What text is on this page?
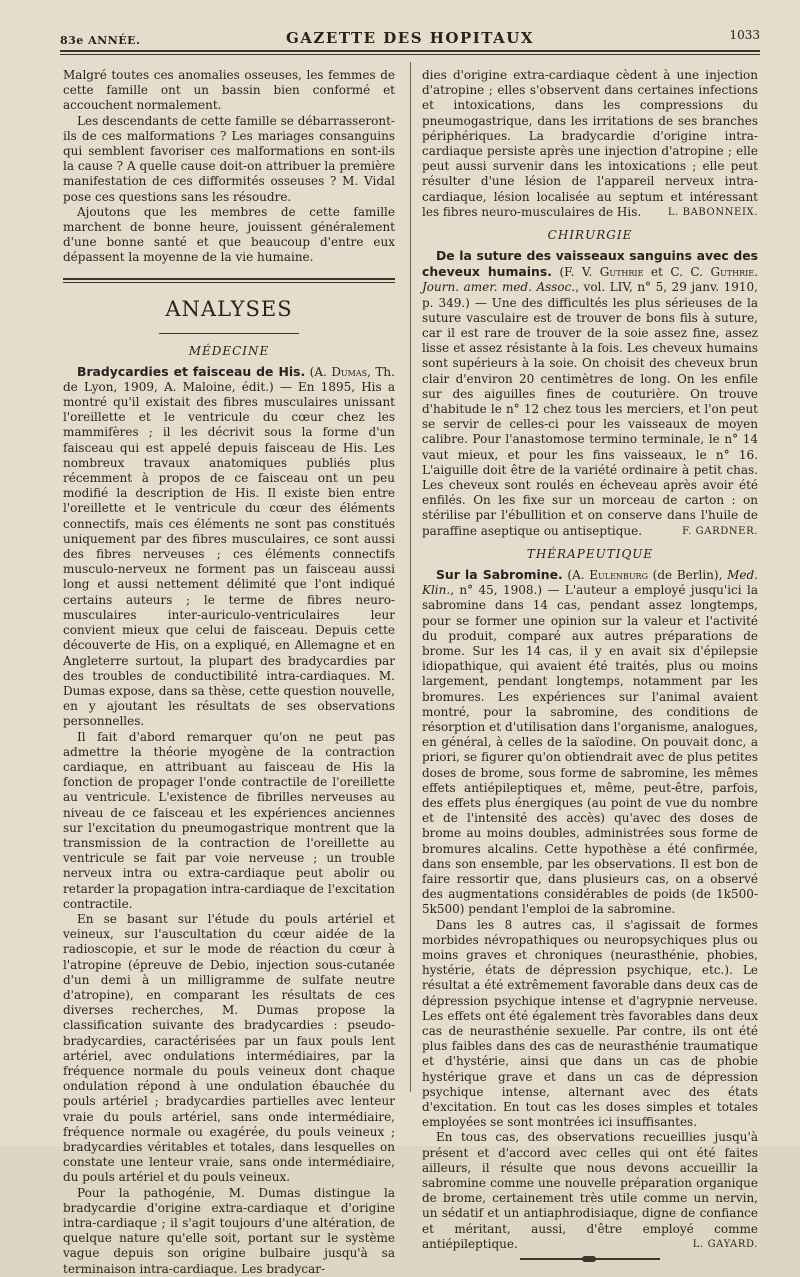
83e ANNÉE.	GAZETTE DES HOPITAUX	1033

Malgré toutes ces anomalies osseuses, les femmes de cette famille ont un bassin bien conformé et accouchent normalement.

Les descendants de cette famille se débarrasseront-ils de ces malformations ? Les mariages consanguins qui semblent favoriser ces malformations en sont-ils la cause ? A quelle cause doit-on attribuer la première manifestation de ces difformités osseuses ? M. Vidal pose ces questions sans les résoudre.

Ajoutons que les membres de cette famille marchent de bonne heure, jouissent généralement d'une bonne santé et que beaucoup d'entre eux dépassent la moyenne de la vie humaine.

ANALYSES
MÉDECINE

Bradycardies et faisceau de His. (A. Dumas, Th. de Lyon, 1909, A. Maloine, édit.) — En 1895, His a montré qu'il existait des fibres musculaires unissant l'oreillette et le ventricule du cœur chez les mammifères ; il les décrivit sous la forme d'un faisceau qui est appelé depuis faisceau de His. Les nombreux travaux anatomiques publiés plus récemment à propos de ce faisceau ont un peu modifié la description de His. Il existe bien entre l'oreillette et le ventricule du cœur des éléments connectifs, mais ces éléments ne sont pas constitués uniquement par des fibres musculaires, ce sont aussi des fibres nerveuses ; ces éléments connectifs musculo-nerveux ne forment pas un faisceau aussi long et aussi nettement délimité que l'ont indiqué certains auteurs ; le terme de fibres neuro-musculaires inter-auriculo-ventriculaires leur convient mieux que celui de faisceau. Depuis cette découverte de His, on a expliqué, en Allemagne et en Angleterre surtout, la plupart des bradycardies par des troubles de conductibilité intra-cardiaques. M. Dumas expose, dans sa thèse, cette question nouvelle, en y ajoutant les résultats de ses observations personnelles.

Il fait d'abord remarquer qu'on ne peut pas admettre la théorie myogène de la contraction cardiaque, en attribuant au faisceau de His la fonction de propager l'onde contractile de l'oreillette au ventricule. L'existence de fibrilles nerveuses au niveau de ce faisceau et les expériences anciennes sur l'excitation du pneumogastrique montrent que la transmission de la contraction de l'oreillette au ventricule se fait par voie nerveuse ; un trouble nerveux intra ou extra-cardiaque peut abolir ou retarder la propagation intra-cardiaque de l'excitation contractile.

En se basant sur l'étude du pouls artériel et veineux, sur l'auscultation du cœur aidée de la radioscopie, et sur le mode de réaction du cœur à l'atropine (épreuve de Debio, injection sous-cutanée d'un demi à un milligramme de sulfate neutre d'atropine), en comparant les résultats de ces diverses recherches, M. Dumas propose la classification suivante des bradycardies : pseudo-bradycardies, caractérisées par un faux pouls lent artériel, avec ondulations intermédiaires, par la fréquence normale du pouls veineux dont chaque ondulation répond à une ondulation ébauchée du pouls artériel ; bradycardies partielles avec lenteur vraie du pouls artériel, sans onde intermédiaire, fréquence normale ou exagérée, du pouls veineux ; bradycardies véritables et totales, dans lesquelles on constate une lenteur vraie, sans onde intermédiaire, du pouls artériel et du pouls veineux.

Pour la pathogénie, M. Dumas distingue la bradycardie d'origine extra-cardiaque et d'origine intra-cardiaque ; il s'agit toujours d'une altération, de quelque nature qu'elle soit, portant sur le système vague depuis son origine bulbaire jusqu'à sa terminaison intra-cardiaque. Les bradycar-

dies d'origine extra-cardiaque cèdent à une injection d'atropine ; elles s'observent dans certaines infections et intoxications, dans les compressions du pneumogastrique, dans les irritations de ses branches périphériques. La bradycardie d'origine intra-cardiaque persiste après une injection d'atropine ; elle peut aussi survenir dans les intoxications ; elle peut résulter d'une lésion de l'appareil nerveux intra-cardiaque, lésion localisée au septum et intéressant les fibres neuro-musculaires de His.	L. BABONNEIX.
CHIRURGIE

De la suture des vaisseaux sanguins avec des cheveux humains. (F. V. Guthrie et C. C. Guthrie. Journ. amer. med. Assoc., vol. LIV, n° 5, 29 janv. 1910, p. 349.) — Une des difficultés les plus sérieuses de la suture vasculaire est de trouver de bons fils à suture, car il est rare de trouver de la soie assez fine, assez lisse et assez résistante à la fois. Les cheveux humains sont supérieurs à la soie. On choisit des cheveux brun clair d'environ 20 centimètres de long. On les enfile sur des aiguilles fines de couturière. On trouve d'habitude le n° 12 chez tous les merciers, et l'on peut se servir de celles-ci pour les vaisseaux de moyen calibre. Pour l'anastomose termino terminale, le n° 14 vaut mieux, et pour les fins vaisseaux, le n° 16. L'aiguille doit être de la variété ordinaire à petit chas. Les cheveux sont roulés en écheveau après avoir été enfilés. On les fixe sur un morceau de carton : on stérilise par l'ébullition et on conserve dans l'huile de paraffine aseptique ou antiseptique.	F. GARDNER.
THÉRAPEUTIQUE

Sur la Sabromine. (A. Eulenburg (de Berlin), Med. Klin., n° 45, 1908.) — L'auteur a employé jusqu'ici la sabromine dans 14 cas, pendant assez longtemps, pour se former une opinion sur la valeur et l'activité du produit, comparé aux autres préparations de brome. Sur les 14 cas, il y en avait six d'épilepsie idiopathique, qui avaient été traités, plus ou moins largement, pendant longtemps, notamment par les bromures. Les expériences sur l'animal avaient montré, pour la sabromine, des conditions de résorption et d'utilisation dans l'organisme, analogues, en général, à celles de la saïodine. On pouvait donc, a priori, se figurer qu'on obtiendrait avec de plus petites doses de brome, sous forme de sabromine, les mêmes effets antiépileptiques et, même, peut-être, parfois, des effets plus énergiques (au point de vue du nombre et de l'intensité des accès) qu'avec des doses de brome au moins doubles, administrées sous forme de bromures alcalins. Cette hypothèse a été confirmée, dans son ensemble, par les observations. Il est bon de faire ressortir que, dans plusieurs cas, on a observé des augmentations considérables de poids (de 1k500-5k500) pendant l'emploi de la sabromine.

Dans les 8 autres cas, il s'agissait de formes morbides névropathiques ou neuropsychiques plus ou moins graves et chroniques (neurasthénie, phobies, hystérie, états de dépression psychique, etc.). Le résultat a été extrêmement favorable dans deux cas de dépression psychique intense et d'agrypnie nerveuse. Les effets ont été également très favorables dans deux cas de neurasthénie sexuelle. Par contre, ils ont été plus faibles dans des cas de neurasthénie traumatique et d'hystérie, ainsi que dans un cas de phobie hystérique grave et dans un cas de dépression psychique intense, alternant avec des états d'excitation. En tout cas les doses simples et totales employées se sont montrées ici insuffisantes.

En tous cas, des observations recueillies jusqu'à présent et d'accord avec celles qui ont été faites ailleurs, il résulte que nous devons accueillir la sabromine comme une nouvelle préparation organique de brome, certainement très utile comme un nervin, un sédatif et un antiaphrodisiaque, digne de confiance et méritant, aussi, d'être employé comme antiépileptique.	L. GAYARD.
